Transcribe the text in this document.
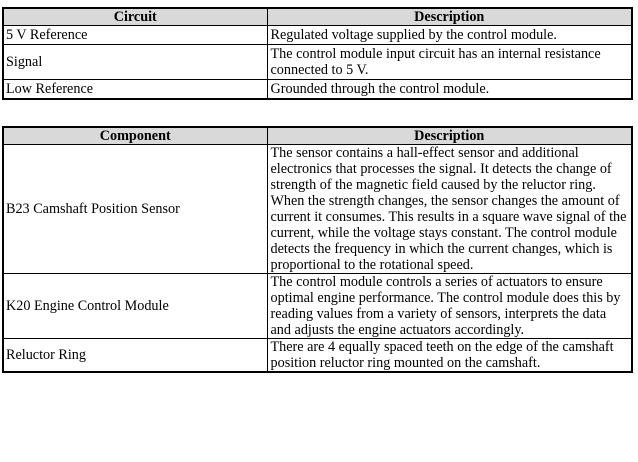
Circuit	Description
5 V Reference	Regulated voltage supplied by the control module.
Signal	The control module input circuit has an internal resistance connected to 5 V.
Low Reference	Grounded through the control module.
Component	Description
B23 Camshaft Position Sensor	The sensor contains a hall-effect sensor and additional electronics that processes the signal. It detects the change of strength of the magnetic field caused by the reluctor ring. When the strength changes, the sensor changes the amount of current it consumes. This results in a square wave signal of the current, while the voltage stays constant. The control module detects the frequency in which the current changes, which is proportional to the rotational speed.
K20 Engine Control Module	The control module controls a series of actuators to ensure optimal engine performance. The control module does this by reading values from a variety of sensors, interprets the data and adjusts the engine actuators accordingly.
Reluctor Ring	There are 4 equally spaced teeth on the edge of the camshaft position reluctor ring mounted on the camshaft.
